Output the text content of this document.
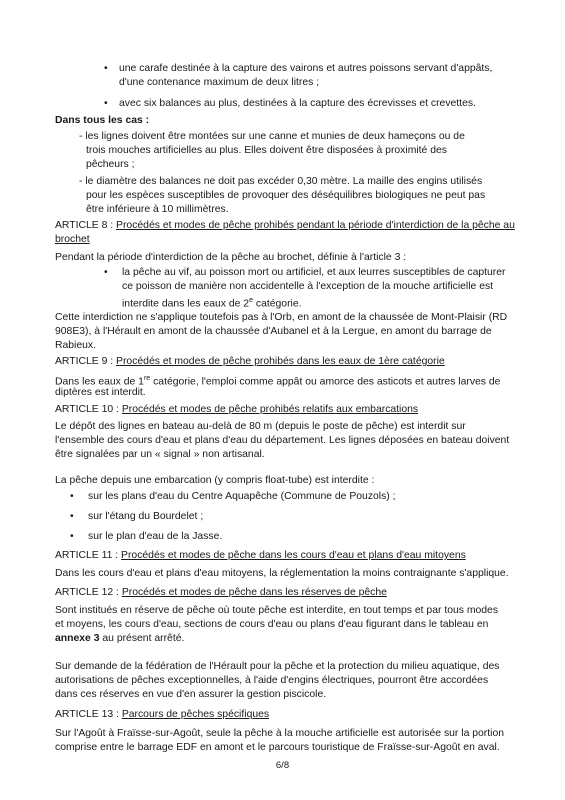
• une carafe destinée à la capture des vairons et autres poissons servant d'appâts,
d'une contenance maximum de deux litres ;
• avec six balances au plus, destinées à la capture des écrevisses et crevettes.
Dans tous les cas :
- les lignes doivent être montées sur une canne et munies de deux hameçons ou de
trois mouches artificielles au plus. Elles doivent être disposées à proximité des
pêcheurs ;
- le diamètre des balances ne doit pas excéder 0,30 mètre. La maille des engins utilisés
pour les espèces susceptibles de provoquer des déséquilibres biologiques ne peut pas
être inférieure à 10 millimètres.
ARTICLE 8 : Procédés et modes de pêche prohibés pendant la période d'interdiction de la pêche au
brochet
Pendant la période d'interdiction de la pêche au brochet, définie à l'article 3 :
• la pêche au vif, au poisson mort ou artificiel, et aux leurres susceptibles de capturer
ce poisson de manière non accidentelle à l'exception de la mouche artificielle est
interdite dans les eaux de 2e catégorie.
Cette interdiction ne s'applique toutefois pas à l'Orb, en amont de la chaussée de Mont-Plaisir (RD
908E3), à l'Hérault en amont de la chaussée d'Aubanel et à la Lergue, en amont du barrage de
Rabieux.
ARTICLE 9 : Procédés et modes de pêche prohibés dans les eaux de 1ère catégorie
Dans les eaux de 1re catégorie, l'emploi comme appât ou amorce des asticots et autres larves de
diptères est interdit.
ARTICLE 10 : Procédés et modes de pêche prohibés relatifs aux embarcations
Le dépôt des lignes en bateau au-delà de 80 m (depuis le poste de pêche) est interdit sur
l'ensemble des cours d'eau et plans d'eau du département. Les lignes déposées en bateau doivent
être signalées par un « signal » non artisanal.
La pêche depuis une embarcation (y compris float-tube) est interdite :
• sur les plans d'eau du Centre Aquapêche (Commune de Pouzols) ;
• sur l'étang du Bourdelet ;
• sur le plan d'eau de la Jasse.
ARTICLE 11 : Procédés et modes de pêche dans les cours d'eau et plans d'eau mitoyens
Dans les cours d'eau et plans d'eau mitoyens, la réglementation la moins contraignante s'applique.
ARTICLE 12 : Procédés et modes de pêche dans les réserves de pêche
Sont institués en réserve de pêche où toute pêche est interdite, en tout temps et par tous modes
et moyens, les cours d'eau, sections de cours d'eau ou plans d'eau figurant dans le tableau en
annexe 3 au présent arrêté.
Sur demande de la fédération de l'Hérault pour la pêche et la protection du milieu aquatique, des
autorisations de pêches exceptionnelles, à l'aide d'engins électriques, pourront être accordées
dans ces réserves en vue d'en assurer la gestion piscicole.
ARTICLE 13 : Parcours de pêches spécifiques
Sur l'Agoût à Fraïsse-sur-Agoût, seule la pêche à la mouche artificielle est autorisée sur la portion
comprise entre le barrage EDF en amont et le parcours touristique de Fraïsse-sur-Agoût en aval.
6/8
